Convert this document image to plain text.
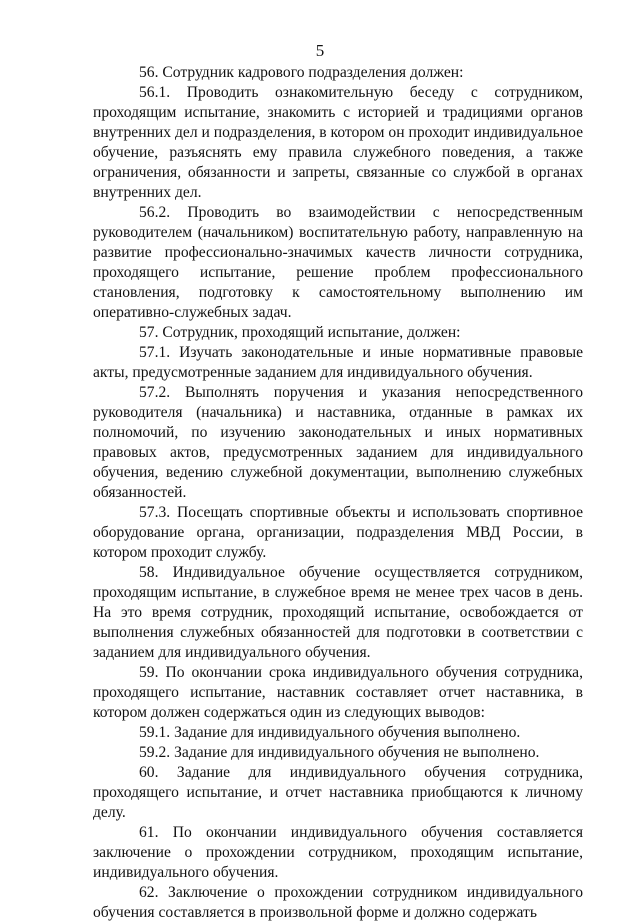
5

56. Сотрудник кадрового подразделения должен:

56.1. Проводить ознакомительную беседу с сотрудником, проходящим испытание, знакомить с историей и традициями органов внутренних дел и подразделения, в котором он проходит индивидуальное обучение, разъяснять ему правила служебного поведения, а также ограничения, обязанности и запреты, связанные со службой в органах внутренних дел.

56.2. Проводить во взаимодействии с непосредственным руководителем (начальником) воспитательную работу, направленную на развитие профессионально-значимых качеств личности сотрудника, проходящего испытание, решение проблем профессионального становления, подготовку к самостоятельному выполнению им оперативно-служебных задач.

57. Сотрудник, проходящий испытание, должен:

57.1. Изучать законодательные и иные нормативные правовые акты, предусмотренные заданием для индивидуального обучения.

57.2. Выполнять поручения и указания непосредственного руководителя (начальника) и наставника, отданные в рамках их полномочий, по изучению законодательных и иных нормативных правовых актов, предусмотренных заданием для индивидуального обучения, ведению служебной документации, выполнению служебных обязанностей.

57.3. Посещать спортивные объекты и использовать спортивное оборудование органа, организации, подразделения МВД России, в котором проходит службу.

58. Индивидуальное обучение осуществляется сотрудником, проходящим испытание, в служебное время не менее трех часов в день. На это время сотрудник, проходящий испытание, освобождается от выполнения служебных обязанностей для подготовки в соответствии с заданием для индивидуального обучения.

59. По окончании срока индивидуального обучения сотрудника, проходящего испытание, наставник составляет отчет наставника, в котором должен содержаться один из следующих выводов:

59.1. Задание для индивидуального обучения выполнено.

59.2. Задание для индивидуального обучения не выполнено.

60. Задание для индивидуального обучения сотрудника, проходящего испытание, и отчет наставника приобщаются к личному делу.

61. По окончании индивидуального обучения составляется заключение о прохождении сотрудником, проходящим испытание, индивидуального обучения.

62. Заключение о прохождении сотрудником индивидуального обучения составляется в произвольной форме и должно содержать
